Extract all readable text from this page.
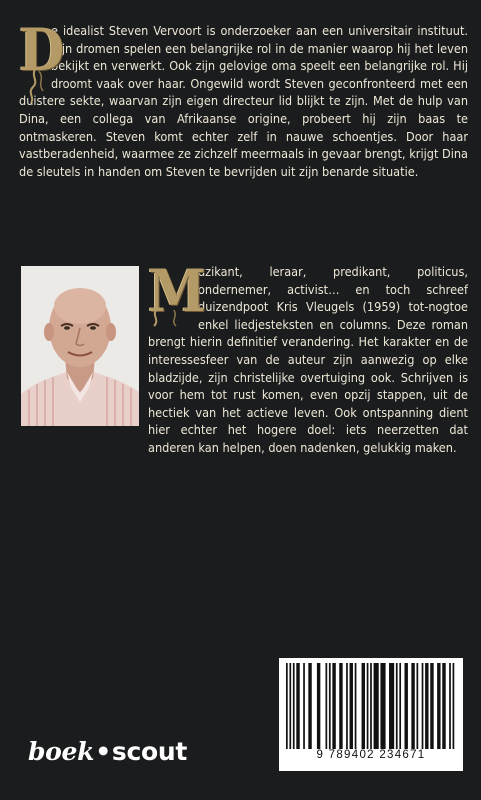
D
e idealist Steven Vervoort is onderzoeker aan een universitair instituut. Zijn dromen spelen een belangrijke rol in de manier waarop hij het leven bekijkt en verwerkt. Ook zijn gelovige oma speelt een belangrijke rol. Hij droomt vaak over haar. Ongewild wordt Steven geconfronteerd met een duistere sekte, waarvan zijn eigen directeur lid blijkt te zijn. Met de hulp van Dina, een collega van Afrikaanse origine, probeert hij zijn baas te ontmaskeren. Steven komt echter zelf in nauwe schoentjes. Door haar vastberadenheid, waarmee ze zichzelf meermaals in gevaar brengt, krijgt Dina de sleutels in handen om Steven te bevrijden uit zijn benarde situatie.
M
uzikant, leraar, predikant, politicus, ondernemer, activist… en toch schreef duizendpoot Kris Vleugels (1959) tot-nogtoe enkel liedjesteksten en columns. Deze roman brengt hierin definitief verandering. Het karakter en de interessesfeer van de auteur zijn aanwezig op elke bladzijde, zijn christelijke overtuiging ook. Schrijven is voor hem tot rust komen, even opzij stappen, uit de hectiek van het actieve leven. Ook ontspanning dient hier echter het hogere doel: iets neerzetten dat anderen kan helpen, doen nadenken, gelukkig maken.
9 789402 234671
boek•scout
